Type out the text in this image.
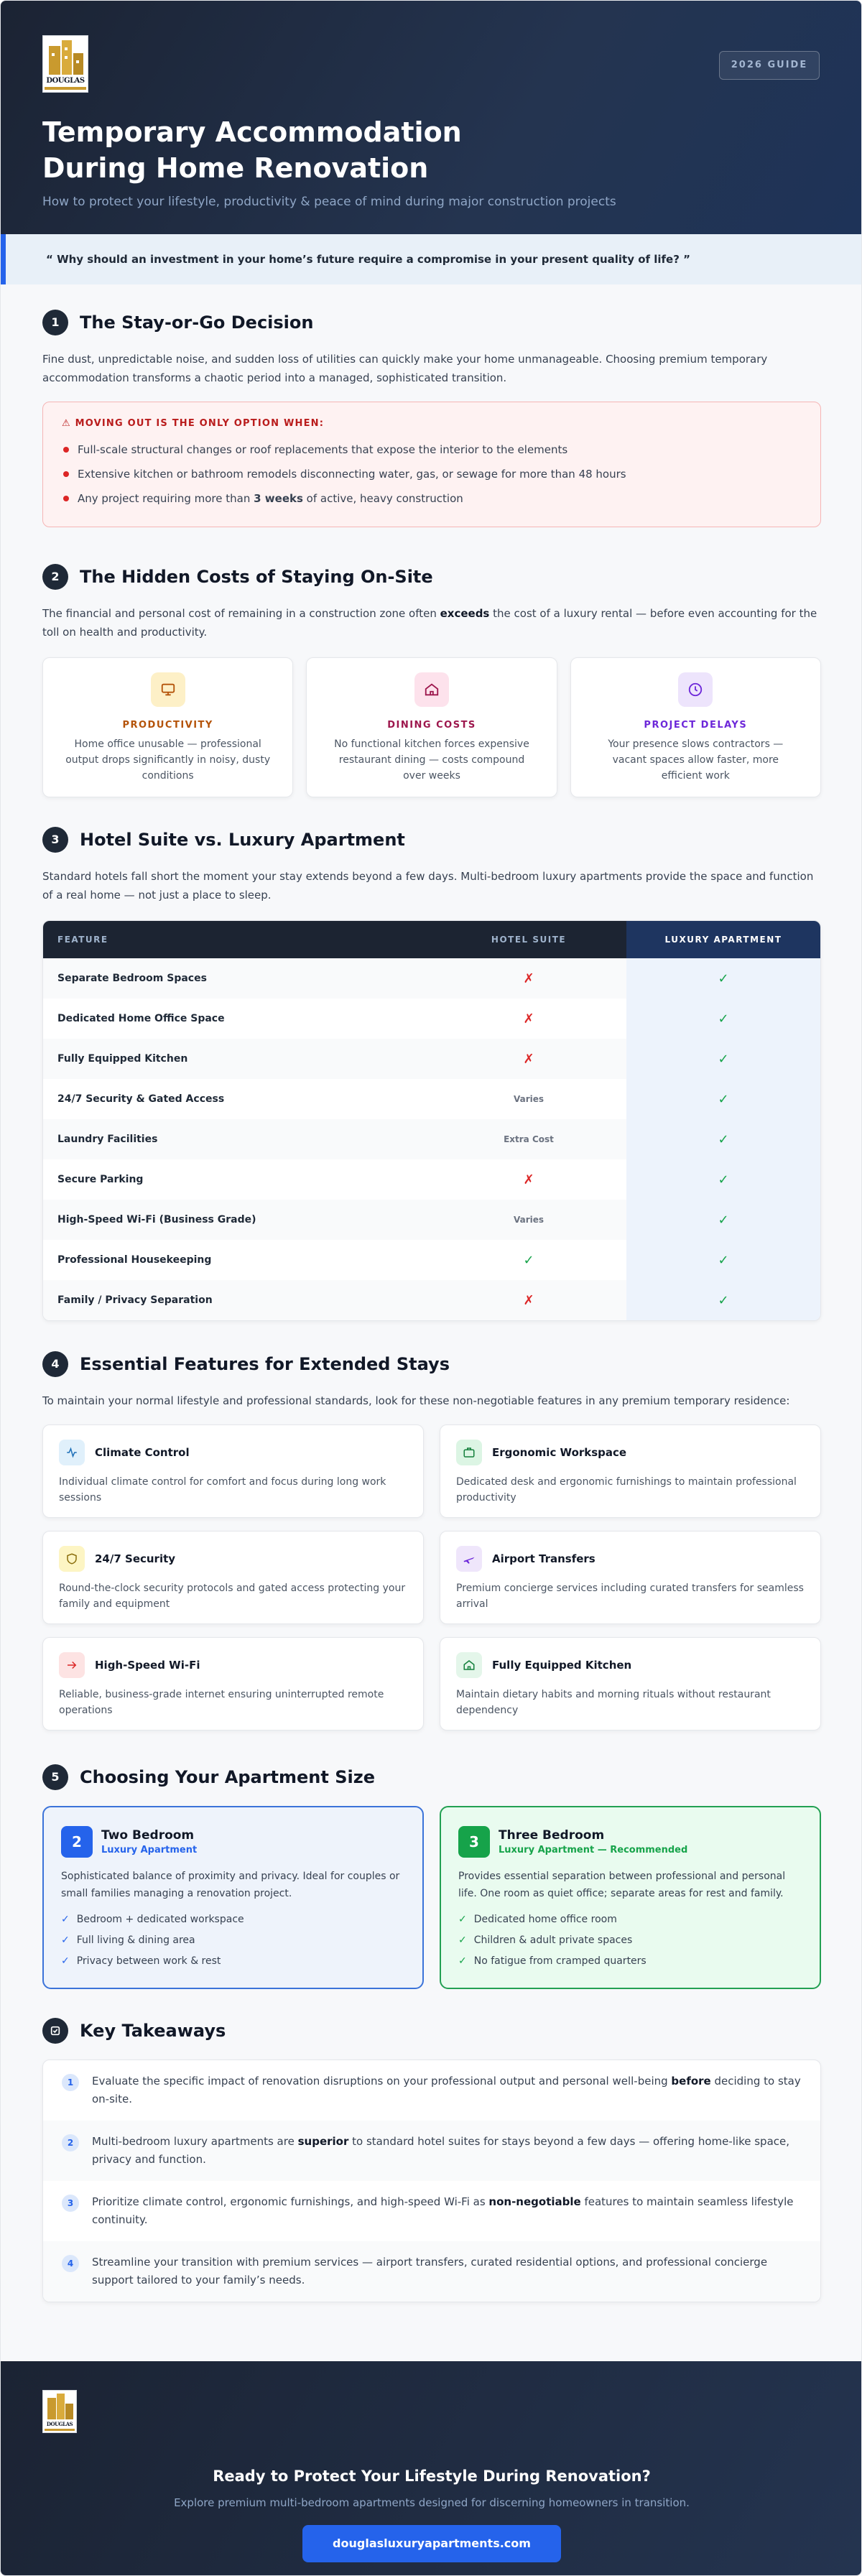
DOUGLAS
2026 GUIDE
Temporary Accommodation
During Home Renovation
How to protect your lifestyle, productivity & peace of mind during major construction projects
“ Why should an investment in your home’s future require a compromise in your present quality of life? ”
1	The Stay-or-Go Decision
Fine dust, unpredictable noise, and sudden loss of utilities can quickly make your home unmanageable. Choosing premium temporary accommodation transforms a chaotic period into a managed, sophisticated transition.
⚠ MOVING OUT IS THE ONLY OPTION WHEN:
Full-scale structural changes or roof replacements that expose the interior to the elements
Extensive kitchen or bathroom remodels disconnecting water, gas, or sewage for more than 48 hours
Any project requiring more than 3 weeks of active, heavy construction
2	The Hidden Costs of Staying On-Site
The financial and personal cost of remaining in a construction zone often exceeds the cost of a luxury rental — before even accounting for the toll on health and productivity.
PRODUCTIVITY
Home office unusable — professional output drops significantly in noisy, dusty conditions
DINING COSTS
No functional kitchen forces expensive restaurant dining — costs compound over weeks
PROJECT DELAYS
Your presence slows contractors — vacant spaces allow faster, more efficient work
3	Hotel Suite vs. Luxury Apartment
Standard hotels fall short the moment your stay extends beyond a few days. Multi-bedroom luxury apartments provide the space and function of a real home — not just a place to sleep.
FEATURE	HOTEL SUITE	LUXURY APARTMENT
Separate Bedroom Spaces	✗	✓
Dedicated Home Office Space	✗	✓
Fully Equipped Kitchen	✗	✓
24/7 Security & Gated Access	Varies	✓
Laundry Facilities	Extra Cost	✓
Secure Parking	✗	✓
High-Speed Wi-Fi (Business Grade)	Varies	✓
Professional Housekeeping	✓	✓
Family / Privacy Separation	✗	✓
4	Essential Features for Extended Stays
To maintain your normal lifestyle and professional standards, look for these non-negotiable features in any premium temporary residence:
Climate Control
Individual climate control for comfort and focus during long work sessions
Ergonomic Workspace
Dedicated desk and ergonomic furnishings to maintain professional productivity
24/7 Security
Round-the-clock security protocols and gated access protecting your family and equipment
Airport Transfers
Premium concierge services including curated transfers for seamless arrival
High-Speed Wi-Fi
Reliable, business-grade internet ensuring uninterrupted remote operations
Fully Equipped Kitchen
Maintain dietary habits and morning rituals without restaurant dependency
5	Choosing Your Apartment Size
2	Two Bedroom
Luxury Apartment
Sophisticated balance of proximity and privacy. Ideal for couples or small families managing a renovation project.
✓ Bedroom + dedicated workspace
✓ Full living & dining area
✓ Privacy between work & rest
3	Three Bedroom
Luxury Apartment — Recommended
Provides essential separation between professional and personal life. One room as quiet office; separate areas for rest and family.
✓ Dedicated home office room
✓ Children & adult private spaces
✓ No fatigue from cramped quarters
Key Takeaways
1	Evaluate the specific impact of renovation disruptions on your professional output and personal well-being before deciding to stay on-site.
2	Multi-bedroom luxury apartments are superior to standard hotel suites for stays beyond a few days — offering home-like space, privacy and function.
3	Prioritize climate control, ergonomic furnishings, and high-speed Wi-Fi as non-negotiable features to maintain seamless lifestyle continuity.
4	Streamline your transition with premium services — airport transfers, curated residential options, and professional concierge support tailored to your family’s needs.
DOUGLAS
Ready to Protect Your Lifestyle During Renovation?
Explore premium multi-bedroom apartments designed for discerning homeowners in transition.
douglasluxuryapartments.com
